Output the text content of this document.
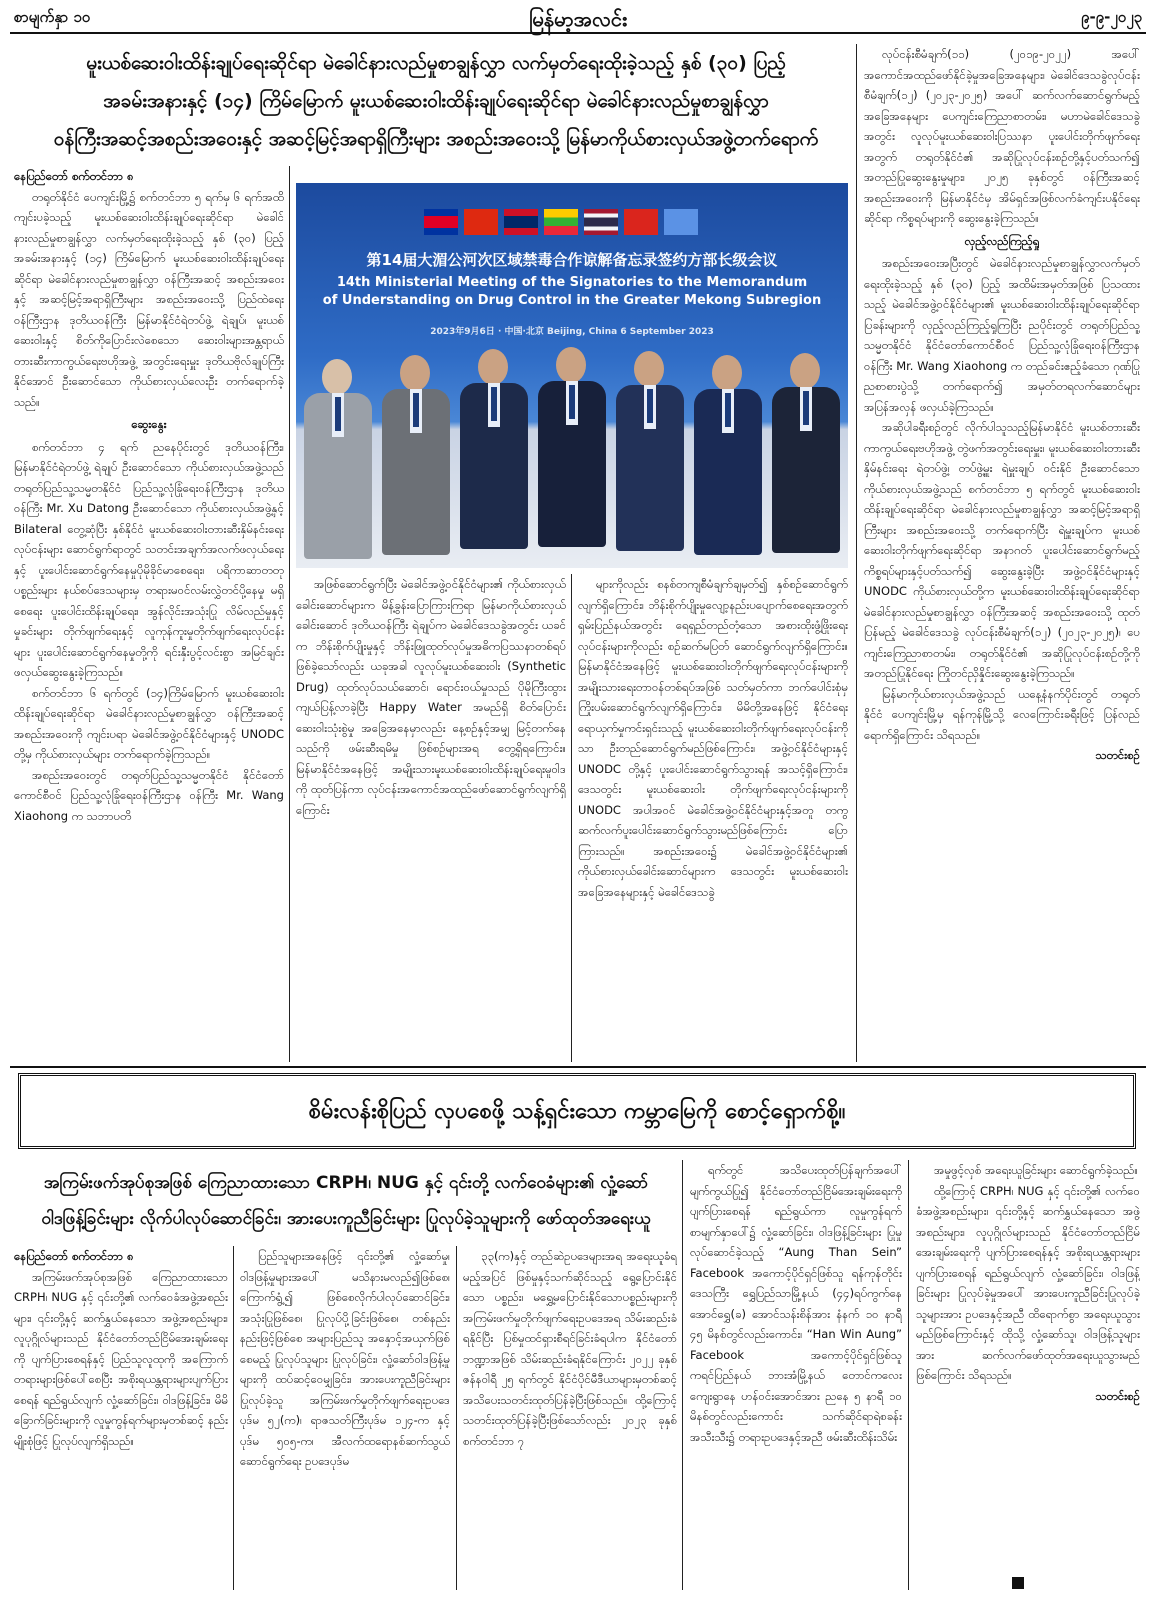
စာမျက်နှာ ၁၀	မြန်မာ့အလင်း	၉-၉-၂၀၂၃
မူးယစ်ဆေးဝါးထိန်းချုပ်ရေးဆိုင်ရာ မဲခေါင်နားလည်မှုစာချွန်လွှာ လက်မှတ်ရေးထိုးခဲ့သည့် နှစ် (၃၀) ပြည့်
အခမ်းအနားနှင့် (၁၄) ကြိမ်မြောက် မူးယစ်ဆေးဝါးထိန်းချုပ်ရေးဆိုင်ရာ မဲခေါင်နားလည်မှုစာချွန်လွှာ
ဝန်ကြီးအဆင့်အစည်းအဝေးနှင့် အဆင့်မြင့်အရာရှိကြီးများ အစည်းအဝေးသို့ မြန်မာကိုယ်စားလှယ်အဖွဲ့တက်ရောက်

နေပြည်တော် စက်တင်ဘာ ၈

တရုတ်နိုင်ငံ ပေကျင်းမြို့၌ စက်တင်ဘာ ၅ ရက်မှ ၆ ရက်အထိ ကျင်းပခဲ့သည့် မူးယစ်ဆေးဝါးထိန်းချုပ်ရေးဆိုင်ရာ မဲခေါင်နားလည်မှုစာချွန်လွှာ လက်မှတ်ရေးထိုးခဲ့သည့် နှစ် (၃၀) ပြည့် အခမ်းအနားနှင့် (၁၄) ကြိမ်မြောက် မူးယစ်ဆေးဝါးထိန်းချုပ်ရေးဆိုင်ရာ မဲခေါင်နားလည်မှုစာချွန်လွှာ ဝန်ကြီးအဆင့် အစည်းအဝေးနှင့် အဆင့်မြင့်အရာရှိကြီးများ အစည်းအဝေးသို့ ပြည်ထဲရေးဝန်ကြီးဌာန ဒုတိယဝန်ကြီး မြန်မာနိုင်ငံရဲတပ်ဖွဲ့ ရဲချုပ်၊ မူးယစ်ဆေးဝါးနှင့် စိတ်ကိုပြောင်းလဲစေသော ဆေးဝါးများအန္တရာယ်တားဆီးကာကွယ်ရေးဗဟိုအဖွဲ့ အတွင်းရေးမှူး ဒုတိယဗိုလ်ချုပ်ကြီး နိုင်အောင် ဦးဆောင်သော ကိုယ်စားလှယ်လေးဦး တက်ရောက်ခဲ့သည်။

ဆွေးနွေး

စက်တင်ဘာ ၄ ရက် ညနေပိုင်းတွင် ဒုတိယဝန်ကြီး၊ မြန်မာနိုင်ငံရဲတပ်ဖွဲ့ ရဲချုပ် ဦးဆောင်သော ကိုယ်စားလှယ်အဖွဲ့သည် တရုတ်ပြည်သူ့သမ္မတနိုင်ငံ ပြည်သူ့လုံခြုံရေးဝန်ကြီးဌာန ဒုတိယဝန်ကြီး Mr. Xu Datong ဦးဆောင်သော ကိုယ်စားလှယ်အဖွဲ့နှင့် Bilateral တွေ့ဆုံပြီး နှစ်နိုင်ငံ မူးယစ်ဆေးဝါးတားဆီးနှိမ်နင်းရေးလုပ်ငန်းများ ဆောင်ရွက်ရာတွင် သတင်းအချက်အလက်ဖလှယ်ရေးနှင့် ပူးပေါင်းဆောင်ရွက်နေမှုပိုမိုခိုင်မာစေရေး၊ ပရိကာဆာတတုပစ္စည်းများ နယ်စပ်ဒေသများမှ တရားမဝင်လမ်းလွှဲတင်ပို့နေမှု မရှိစေရေး ပူးပေါင်းထိန်းချုပ်ရေး၊ အွန်လိုင်းအသုံးပြု လိမ်လည်မှုနှင့်မှုခင်းများ တိုက်ဖျက်ရေးနှင့် လူကုန်ကူးမှုတိုက်ဖျက်ရေးလုပ်ငန်းများ ပူးပေါင်းဆောင်ရွက်နေမှုတို့ကို ရင်းနှီးပွင့်လင်းစွာ အမြင်ချင်းဖလှယ်ဆွေးနွေးခဲ့ကြသည်။

စက်တင်ဘာ ၆ ရက်တွင် (၁၄)ကြိမ်မြောက် မူးယစ်ဆေးဝါးထိန်းချုပ်ရေးဆိုင်ရာ မဲခေါင်နားလည်မှုစာချွန်လွှာ ဝန်ကြီးအဆင့်အစည်းအဝေးကို ကျင်းပရာ မဲခေါင်အဖွဲ့ဝင်နိုင်ငံများနှင့် UNODC တို့မှ ကိုယ်စားလှယ်များ တက်ရောက်ခဲ့ကြသည်။

အစည်းအဝေးတွင် တရုတ်ပြည်သူ့သမ္မတနိုင်ငံ နိုင်ငံတော်ကောင်စီဝင် ပြည်သူ့လုံခြုံရေးဝန်ကြီးဌာန ဝန်ကြီး Mr. Wang Xiaohong က သဘာပတိ

第14届大湄公河次区域禁毒合作谅解备忘录签约方部长级会议
14th Ministerial Meeting of the Signatories to the Memorandum
of Understanding on Drug Control in the Greater Mekong Subregion
2023年9月6日 · 中国·北京 Beijing, China 6 September 2023

အဖြစ်ဆောင်ရွက်ပြီး မဲခေါင်အဖွဲ့ဝင်နိုင်ငံများ၏ ကိုယ်စားလှယ်ခေါင်းဆောင်များက မိန့်ခွန်းပြောကြားကြရာ မြန်မာကိုယ်စားလှယ်ခေါင်းဆောင် ဒုတိယဝန်ကြီး ရဲချုပ်က မဲခေါင်ဒေသခွဲအတွင်း ယခင်က ဘိန်းစိုက်ပျိုးမှုနှင့် ဘိန်းဖြူထုတ်လုပ်မှုအဓိကပြဿနာတစ်ရပ် ဖြစ်ခဲ့သော်လည်း ယခုအခါ လူလုပ်မူးယစ်ဆေးဝါး (Synthetic Drug) ထုတ်လုပ်သယ်ဆောင်၊ ရောင်းဝယ်မှုသည် ပိုမိုကြီးထွားကျယ်ပြန့်လာခဲ့ပြီး Happy Water အမည်ရှိ စိတ်ပြောင်းဆေးဝါးသုံးစွဲမှု အခြေအနေမှာလည်း နေ့စဉ်နှင့်အမျှ မြင့်တက်နေသည်ကို ဖမ်းဆီးရမိမှု ဖြစ်စဉ်များအရ တွေ့ရှိရကြောင်း။ မြန်မာနိုင်ငံအနေဖြင့် အမျိုးသားမူးယစ်ဆေးဝါးထိန်းချုပ်ရေးမူဝါဒကို ထုတ်ပြန်ကာ လုပ်ငန်းအကောင်အထည်ဖော်ဆောင်ရွက်လျက်ရှိကြောင်း

များကိုလည်း စနစ်တကျစီမံချက်ချမှတ်၍ နှစ်စဉ်ဆောင်ရွက်လျက်ရှိကြောင်း၊ ဘိန်းစိုက်ပျိုးမှုလျော့နည်းပပျောက်စေရေးအတွက် ရှမ်းပြည်နယ်အတွင်း ရေရှည်တည်တံ့သော အစားထိုးဖွံ့ဖြိုးရေးလုပ်ငန်းများကိုလည်း စဉ်ဆက်မပြတ် ဆောင်ရွက်လျက်ရှိကြောင်း။ မြန်မာနိုင်ငံအနေဖြင့် မူးယစ်ဆေးဝါးတိုက်ဖျက်ရေးလုပ်ငန်းများကို အမျိုးသားရေးတာဝန်တစ်ရပ်အဖြစ် သတ်မှတ်ကာ ဘက်ပေါင်းစုံမှ ကြိုးပမ်းဆောင်ရွက်လျက်ရှိကြောင်း၊ မိမိတို့အနေဖြင့် နိုင်ငံရေးရောယှက်မှုကင်းရှင်းသည့် မူးယစ်ဆေးဝါးတိုက်ဖျက်ရေးလုပ်ငန်းကိုသာ ဦးတည်ဆောင်ရွက်မည်ဖြစ်ကြောင်း၊ အဖွဲ့ဝင်နိုင်ငံများနှင့် UNODC တို့နှင့် ပူးပေါင်းဆောင်ရွက်သွားရန် အသင့်ရှိကြောင်း၊ ဒေသတွင်း မူးယစ်ဆေးဝါး တိုက်ဖျက်ရေးလုပ်ငန်းများကို UNODC အပါအဝင် မဲခေါင်အဖွဲ့ဝင်နိုင်ငံများနှင့်အတူ တကွ ဆက်လက်ပူးပေါင်းဆောင်ရွက်သွားမည်ဖြစ်ကြောင်း ပြောကြားသည်။ အစည်းအဝေး၌ မဲခေါင်အဖွဲ့ဝင်နိုင်ငံများ၏ ကိုယ်စားလှယ်ခေါင်းဆောင်များက ဒေသတွင်း မူးယစ်ဆေးဝါးအခြေအနေများနှင့် မဲခေါင်ဒေသခွဲ

လုပ်ငန်းစီမံချက်(၁၁) (၂၀၁၉-၂၀၂၂) အပေါ် အကောင်အထည်ဖော်နိုင်ခဲ့မှုအခြေအနေများ၊ မဲခေါင်ဒေသခွဲလုပ်ငန်းစီမံချက်(၁၂) (၂၀၂၃-၂၀၂၅) အပေါ် ဆက်လက်ဆောင်ရွက်မည့် အခြေအနေများ ပေကျင်းကြေညာစာတမ်း၊ မဟာမဲခေါင်ဒေသခွဲအတွင်း လူလုပ်မူးယစ်ဆေးဝါးပြဿနာ ပူးပေါင်းတိုက်ဖျက်ရေးအတွက် တရုတ်နိုင်ငံ၏ အဆိုပြုလုပ်ငန်းစဉ်တို့နှင့်ပတ်သက်၍ အတည်ပြုဆွေးနွေးမှုများ၊ ၂၀၂၅ ခုနှစ်တွင် ဝန်ကြီးအဆင့် အစည်းအဝေးကို မြန်မာနိုင်ငံမှ အိမ်ရှင်အဖြစ်လက်ခံကျင်းပနိုင်ရေးဆိုင်ရာ ကိစ္စရပ်များကို ဆွေးနွေးခဲ့ကြသည်။

လှည့်လည်ကြည့်ရှု

အစည်းအဝေးအပြီးတွင် မဲခေါင်နားလည်မှုစာချွန်လွှာလက်မှတ်ရေးထိုးခဲ့သည့် နှစ် (၃၀) ပြည့် အထိမ်းအမှတ်အဖြစ် ပြသထားသည့် မဲခေါင်အဖွဲ့ဝင်နိုင်ငံများ၏ မူးယစ်ဆေးဝါးထိန်းချုပ်ရေးဆိုင်ရာ ပြခန်းများကို လှည့်လည်ကြည့်ရှုကြပြီး ညပိုင်းတွင် တရုတ်ပြည်သူ့သမ္မတနိုင်ငံ နိုင်ငံတော်ကောင်စီဝင် ပြည်သူ့လုံခြုံရေးဝန်ကြီးဌာန ဝန်ကြီး Mr. Wang Xiaohong က တည်ခင်းဧည့်ခံသော ဂုဏ်ပြုညစာစားပွဲသို့ တက်ရောက်၍ အမှတ်တရလက်ဆောင်များ အပြန်အလှန် ဖလှယ်ခဲ့ကြသည်။

အဆိုပါခရီးစဉ်တွင် လိုက်ပါသူသည့်မြန်မာနိုင်ငံ မူးယစ်တားဆီးကာကွယ်ရေးဗဟိုအဖွဲ့ တွဲဖက်အတွင်းရေးမှူး၊ မူးယစ်ဆေးဝါးတားဆီးနှိမ်နင်းရေး ရဲတပ်ဖွဲ့၊ တပ်ဖွဲ့မှူး ရဲမှူးချုပ် ဝင်းနိုင် ဦးဆောင်သော ကိုယ်စားလှယ်အဖွဲ့သည် စက်တင်ဘာ ၅ ရက်တွင် မူးယစ်ဆေးဝါးထိန်းချုပ်ရေးဆိုင်ရာ မဲခေါင်နားလည်မှုစာချွန်လွှာ အဆင့်မြင့်အရာရှိကြီးများ အစည်းအဝေးသို့ တက်ရောက်ပြီး ရဲမှူးချုပ်က မူးယစ်ဆေးဝါးတိုက်ဖျက်ရေးဆိုင်ရာ အနာဂတ် ပူးပေါင်းဆောင်ရွက်မည့် ကိစ္စရပ်များနှင့်ပတ်သက်၍ ဆွေးနွေးခဲ့ပြီး အဖွဲ့ဝင်နိုင်ငံများနှင့် UNODC ကိုယ်စားလှယ်တို့က မူးယစ်ဆေးဝါးထိန်းချုပ်ရေးဆိုင်ရာ မဲခေါင်နားလည်မှုစာချွန်လွှာ ဝန်ကြီးအဆင့် အစည်းအဝေးသို့ ထုတ်ပြန်မည့် မဲခေါင်ဒေသခွဲ လုပ်ငန်းစီမံချက်(၁၂) (၂၀၂၃-၂၀၂၅)၊ ပေကျင်းကြေညာစာတမ်း၊ တရုတ်နိုင်ငံ၏ အဆိုပြုလုပ်ငန်းစဉ်တို့ကို အတည်ပြုနိုင်ရေး ကြိုတင်ညှိနှိုင်းဆွေးနွေးခဲ့ကြသည်။

မြန်မာကိုယ်စားလှယ်အဖွဲ့သည် ယနေ့နံနက်ပိုင်းတွင် တရုတ်နိုင်ငံ ပေကျင်းမြို့မှ ရန်ကုန်မြို့သို့ လေကြောင်းခရီးဖြင့် ပြန်လည်ရောက်ရှိကြောင်း သိရသည်။

သတင်းစဉ်

စိမ်းလန်းစိုပြည် လှပစေဖို့ သန့်ရှင်းသော ကမ္ဘာမြေကို စောင့်ရှောက်စို့။
အကြမ်းဖက်အုပ်စုအဖြစ် ကြေညာထားသော CRPH၊ NUG နှင့် ၎င်းတို့ လက်ဝေခံများ၏ လှုံ့ဆော်
ဝါဒဖြန့်ခြင်းများ လိုက်ပါလုပ်ဆောင်ခြင်း၊ အားပေးကူညီခြင်းများ ပြုလုပ်ခဲ့သူများကို ဖော်ထုတ်အရေးယူ

နေပြည်တော် စက်တင်ဘာ ၈

အကြမ်းဖက်အုပ်စုအဖြစ် ကြေညာထားသော CRPH၊ NUG နှင့် ၎င်းတို့၏ လက်ဝေခံအဖွဲ့အစည်းများ၊ ၎င်းတို့နှင့် ဆက်နွှယ်နေသော အဖွဲ့အစည်းများ၊ လူပုဂ္ဂိုလ်များသည် နိုင်ငံတော်တည်ငြိမ်အေးချမ်းရေးကို ပျက်ပြားစေရန်နှင့် ပြည်သူလူထုကို အကြောက်တရားများဖြစ်ပေါ်စေပြီး အစိုးရယန္တရားများပျက်ပြားစေရန် ရည်ရွယ်လျက် လှုံ့ဆော်ခြင်း၊ ဝါဒဖြန့်ခြင်း၊ မိမိခြောက်ခြင်းများကို လူမှုကွန်ရက်များမှတစ်ဆင့် နည်းမျိုးစုံဖြင့် ပြုလုပ်လျက်ရှိသည်။

ပြည်သူများအနေဖြင့် ၎င်းတို့၏ လှုံ့ဆော်မှု၊ ဝါဒဖြန့်မှုများအပေါ် မသိနားမလည်၍ဖြစ်စေ၊ ကြောက်ရွံ့၍ ဖြစ်စေလိုက်ပါလုပ်ဆောင်ခြင်း၊ အသုံးပြုဖြစ်စေ၊ ပြုလုပ်ပို့ခြင်းဖြစ်စေ၊ တစ်နည်းနည်းဖြင့်ဖြစ်စေ အများပြည်သူ အနှောင့်အယှက်ဖြစ်စေမည့် ပြုလုပ်သူများ ပြုလုပ်ခြင်း၊ လှုံ့ဆော်ဝါဒဖြန့်မှုများကို ထပ်ဆင့်ဝေမျှခြင်း၊ အားပေးကူညီခြင်းများ ပြုလုပ်ခဲ့သူ အကြမ်းဖက်မှုတိုက်ဖျက်ရေးဥပဒေ ပုဒ်မ ၅၂(က)၊ ရာဇသတ်ကြီးပုဒ်မ ၁၂၄-က နှင့် ပုဒ်မ ၅၀၅-က၊ အီလက်ထရောနစ်ဆက်သွယ်ဆောင်ရွက်ရေး ဥပဒေပုဒ်မ

၃၃(က)နှင့် တည်ဆဲဥပဒေများအရ အရေးယူခံရမည့်အပြင် ဖြစ်မှုနှင့်သက်ဆိုင်သည့် ရွေ့ပြောင်းနိုင်သော ပစ္စည်း၊ မရွှေ့မပြောင်းနိုင်သောပစ္စည်းများကို အကြမ်းဖက်မှုတိုက်ဖျက်ရေးဥပဒေအရ သိမ်းဆည်းခံရနိုင်ပြီး ပြစ်မှုထင်ရှားစီရင်ခြင်းခံရပါက နိုင်ငံတော်ဘဏ္ဍာအဖြစ် သိမ်းဆည်းခံရနိုင်ကြောင်း ၂၀၂၂ ခုနှစ် ဇန်နဝါရီ ၂၅ ရက်တွင် နိုင်ငံပိုင်မီဒီယာများမှတစ်ဆင့် အသိပေးသတင်းထုတ်ပြန်ခဲ့ပြီးဖြစ်သည်။ ထို့ကြောင့် သတင်းထုတ်ပြန်ခဲ့ပြီးဖြစ်သော်လည်း ၂၀၂၃ ခုနှစ် စက်တင်ဘာ ၇

ရက်တွင် အသိပေးထုတ်ပြန်ချက်အပေါ် မျက်ကွယ်ပြု၍ နိုင်ငံတော်တည်ငြိမ်အေးချမ်းရေးကို ပျက်ပြားစေရန် ရည်ရွယ်ကာ လူမှုကွန်ရက်စာမျက်နှာပေါ်၌ လှုံ့ဆော်ခြင်း၊ ဝါဒဖြန့်ခြင်းများ ပြုမှုလုပ်ဆောင်ခဲ့သည့် “Aung Than Sein” Facebook အကောင့်ပိုင်ရှင်ဖြစ်သူ ရန်ကုန်တိုင်းဒေသကြီး ရွှေပြည်သာမြို့နယ် (၄၄)ရပ်ကွက်နေ အောင်ရွှေ(ခ) အောင်သန်းစိန်အား နံနက် ၁၀ နာရီ ၄၅ မိနစ်တွင်လည်းကောင်း၊ “Han Win Aung” Facebook အကောင့်ပိုင်ရှင်ဖြစ်သူ ကရင်ပြည်နယ် ဘားအံမြို့နယ် တောင်ကလေးကျေးရွာနေ ဟန်ဝင်းအောင်အား ညနေ ၅ နာရီ ၁၀ မိနစ်တွင်လည်းကောင်း သက်ဆိုင်ရာရဲစခန်းအသီးသီး၌ တရားဥပဒေနှင့်အညီ ဖမ်းဆီးထိန်းသိမ်း

အမှုဖွင့်လှစ် အရေးယူခြင်းများ ဆောင်ရွက်ခဲ့သည်။

ထို့ကြောင့် CRPH၊ NUG နှင့် ၎င်းတို့၏ လက်ဝေခံအဖွဲ့အစည်းများ၊ ၎င်းတို့နှင့် ဆက်နွှယ်နေသော အဖွဲ့အစည်းများ၊ လူပုဂ္ဂိုလ်များသည် နိုင်ငံတော်တည်ငြိမ်အေးချမ်းရေးကို ပျက်ပြားစေရန်နှင့် အစိုးရယန္တရားများ ပျက်ပြားစေရန် ရည်ရွယ်လျက် လှုံ့ဆော်ခြင်း၊ ဝါဒဖြန့်ခြင်းများ ပြုလုပ်ခဲ့မှုအပေါ် အားပေးကူညီခြင်းပြုလုပ်ခဲ့သူများအား ဥပဒေနှင့်အညီ ထိရောက်စွာ အရေးယူသွားမည်ဖြစ်ကြောင်းနှင့် ထိုသို့ လှုံ့ဆော်သူ၊ ဝါဒဖြန့်သူများအား ဆက်လက်ဖော်ထုတ်အရေးယူသွားမည်ဖြစ်ကြောင်း သိရသည်။

သတင်းစဉ်
